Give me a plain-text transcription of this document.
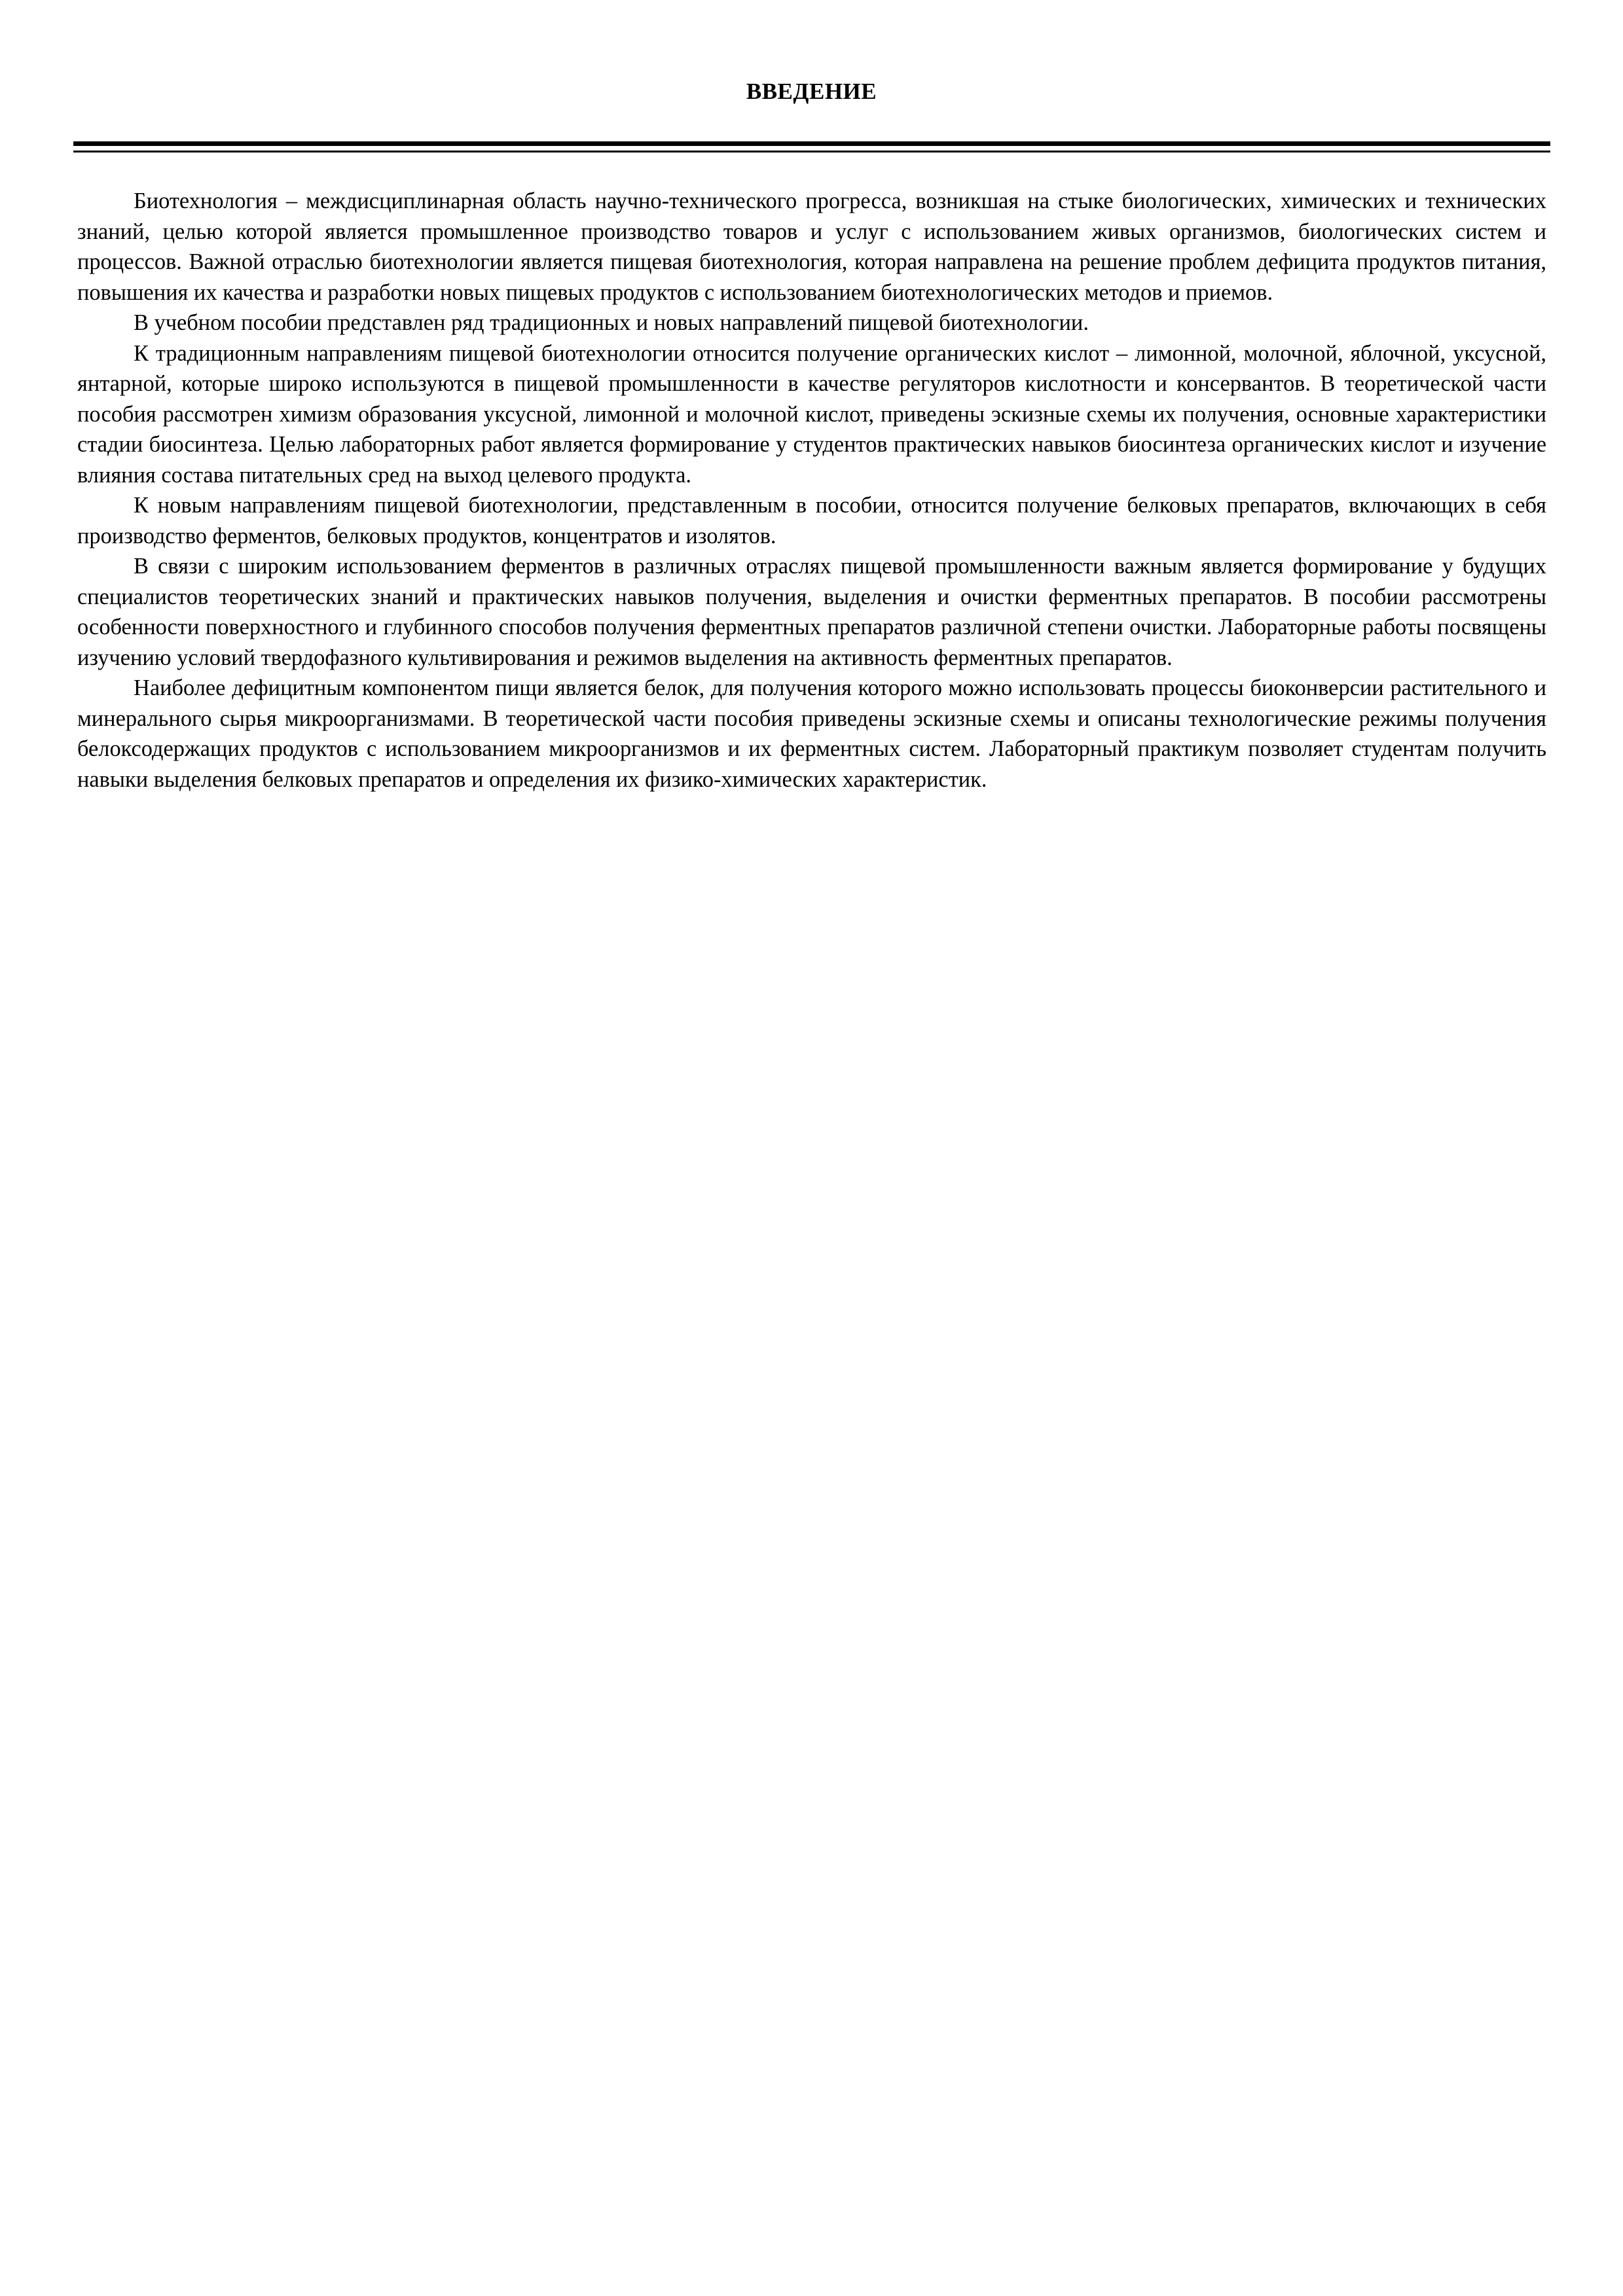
ВВЕДЕНИЕ

Биотехнология – междисциплинарная область научно-технического прогресса, возникшая на стыке биологических, химических и технических знаний, целью которой является промышленное производство товаров и услуг с использованием живых организмов, биологических систем и процессов. Важной отраслью биотехнологии является пищевая биотехнология, которая направлена на решение проблем дефицита продуктов питания, повышения их качества и разработки новых пищевых продуктов с использованием биотехнологических методов и приемов.

В учебном пособии представлен ряд традиционных и новых направлений пищевой биотехнологии.

К традиционным направлениям пищевой биотехнологии относится получение органических кислот – лимонной, молочной, яблочной, уксусной, янтарной, которые широко используются в пищевой промышленности в качестве регуляторов кислотности и консервантов. В теоретической части пособия рассмотрен химизм образования уксусной, лимонной и молочной кислот, приведены эскизные схемы их получения, основные характеристики стадии биосинтеза. Целью лабораторных работ является формирование у студентов практических навыков биосинтеза органических кислот и изучение влияния состава питательных сред на выход целевого продукта.

К новым направлениям пищевой биотехнологии, представленным в пособии, относится получение белковых препаратов, включающих в себя производство ферментов, белковых продуктов, концентратов и изолятов.

В связи с широким использованием ферментов в различных отраслях пищевой промышленности важным является формирование у будущих специалистов теоретических знаний и практических навыков получения, выделения и очистки ферментных препаратов. В пособии рассмотрены особенности поверхностного и глубинного способов получения ферментных препаратов различной степени очистки. Лабораторные работы посвящены изучению условий твердофазного культивирования и режимов выделения на активность ферментных препаратов.

Наиболее дефицитным компонентом пищи является белок, для получения которого можно использовать процессы биоконверсии растительного и минерального сырья микроорганизмами. В теоретической части пособия приведены эскизные схемы и описаны технологические режимы получения белоксодержащих продуктов с использованием микроорганизмов и их ферментных систем. Лабораторный практикум позволяет студентам получить навыки выделения белковых препаратов и определения их физико-химических характеристик.
